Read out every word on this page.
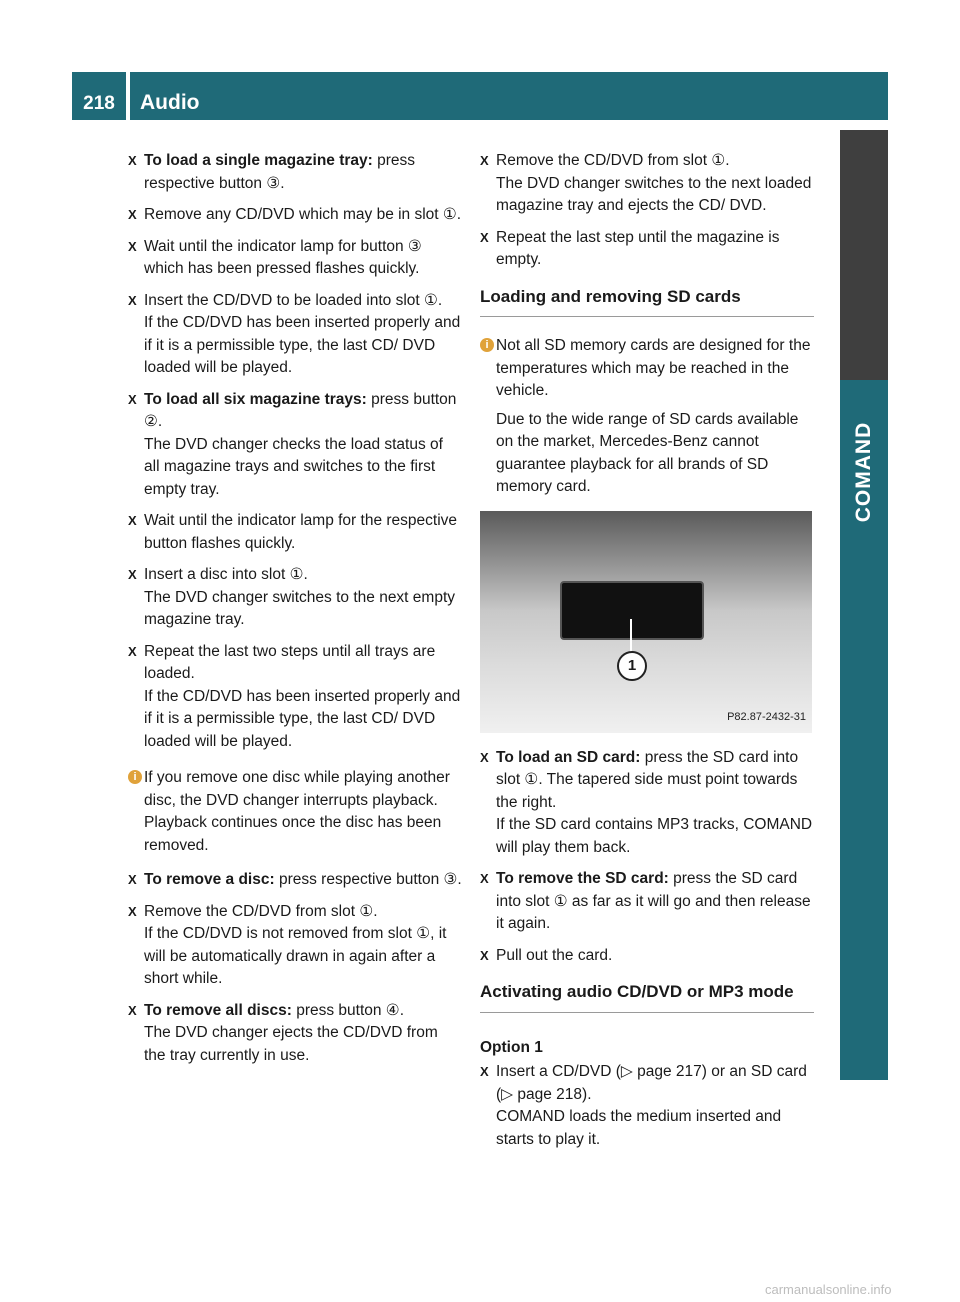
218	Audio
COMAND
X To load a single magazine tray: press respective button ③.

X Remove any CD/DVD which may be in slot ①.

X Wait until the indicator lamp for button ③ which has been pressed flashes quickly.

X Insert the CD/DVD to be loaded into slot ①.

If the CD/DVD has been inserted properly and if it is a permissible type, the last CD/ DVD loaded will be played.

X To load all six magazine trays: press button ②.

The DVD changer checks the load status of all magazine trays and switches to the first empty tray.

X Wait until the indicator lamp for the respective button flashes quickly.

X Insert a disc into slot ①.

The DVD changer switches to the next empty magazine tray.

X Repeat the last two steps until all trays are loaded.

If the CD/DVD has been inserted properly and if it is a permissible type, the last CD/ DVD loaded will be played.

i If you remove one disc while playing another disc, the DVD changer interrupts playback. Playback continues once the disc has been removed.

X To remove a disc: press respective button ③.

X Remove the CD/DVD from slot ①.

If the CD/DVD is not removed from slot ①, it will be automatically drawn in again after a short while.

X To remove all discs: press button ④.

The DVD changer ejects the CD/DVD from the tray currently in use.

X Remove the CD/DVD from slot ①.

The DVD changer switches to the next loaded magazine tray and ejects the CD/ DVD.

X Repeat the last step until the magazine is empty.

Loading and removing SD cards
i Not all SD memory cards are designed for the temperatures which may be reached in the vehicle.

Due to the wide range of SD cards available on the market, Mercedes-Benz cannot guarantee playback for all brands of SD memory card.

1
P82.87-2432-31
X To load an SD card: press the SD card into slot ①. The tapered side must point towards the right.

If the SD card contains MP3 tracks, COMAND will play them back.

X To remove the SD card: press the SD card into slot ① as far as it will go and then release it again.

X Pull out the card.

Activating audio CD/DVD or MP3 mode
Option 1
X Insert a CD/DVD (▷ page 217) or an SD card (▷ page 218).

COMAND loads the medium inserted and starts to play it.

carmanualsonline.info
